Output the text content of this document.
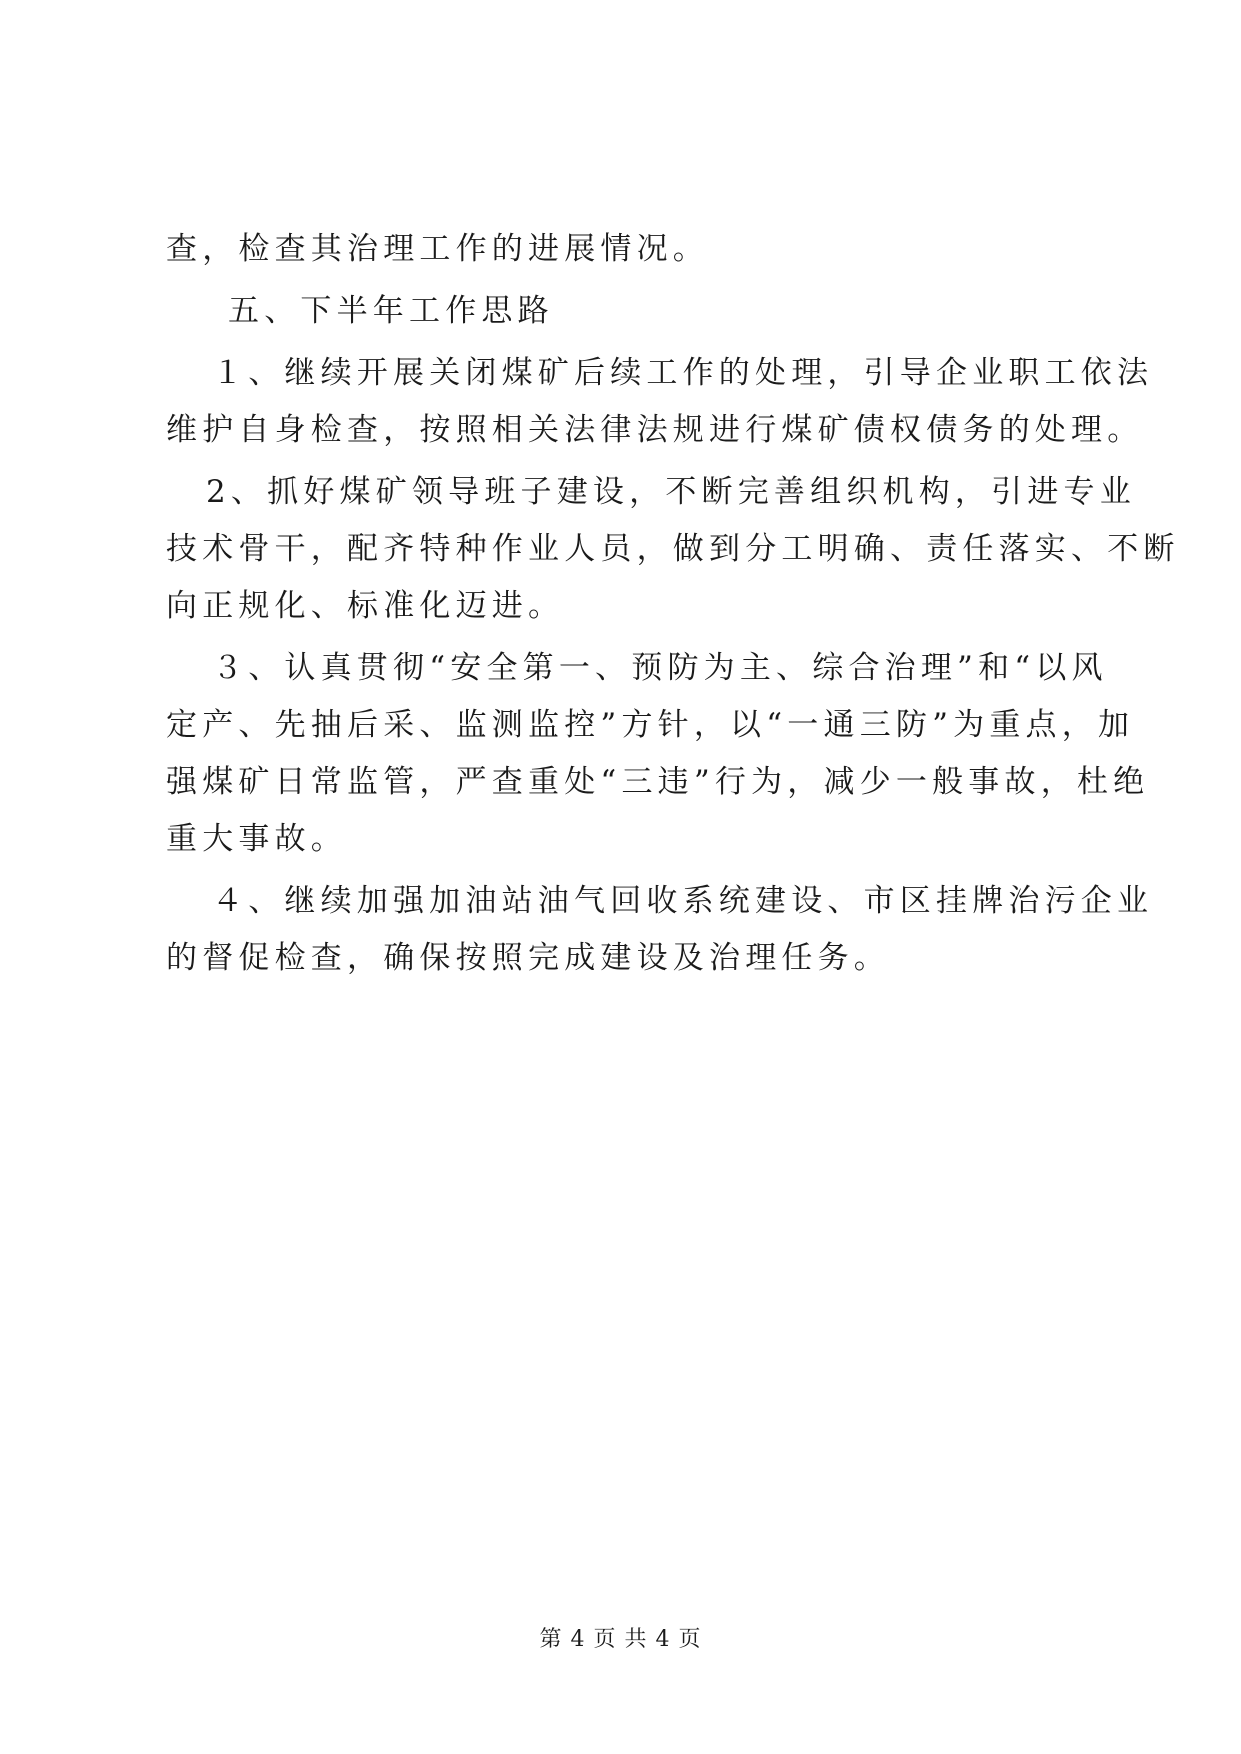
查，检查其治理工作的进展情况。
五、下半年工作思路
１、继续开展关闭煤矿后续工作的处理，引导企业职工依法
维护自身检查，按照相关法律法规进行煤矿债权债务的处理。
2、抓好煤矿领导班子建设，不断完善组织机构，引进专业
技术骨干，配齐特种作业人员，做到分工明确、责任落实、不断
向正规化、标准化迈进。
３、认真贯彻“安全第一、预防为主、综合治理”和“以风
定产、先抽后采、监测监控”方针，以“一通三防”为重点，加
强煤矿日常监管，严查重处“三违”行为，减少一般事故，杜绝
重大事故。
４、继续加强加油站油气回收系统建设、市区挂牌治污企业
的督促检查，确保按照完成建设及治理任务。
第 4 页 共 4 页
